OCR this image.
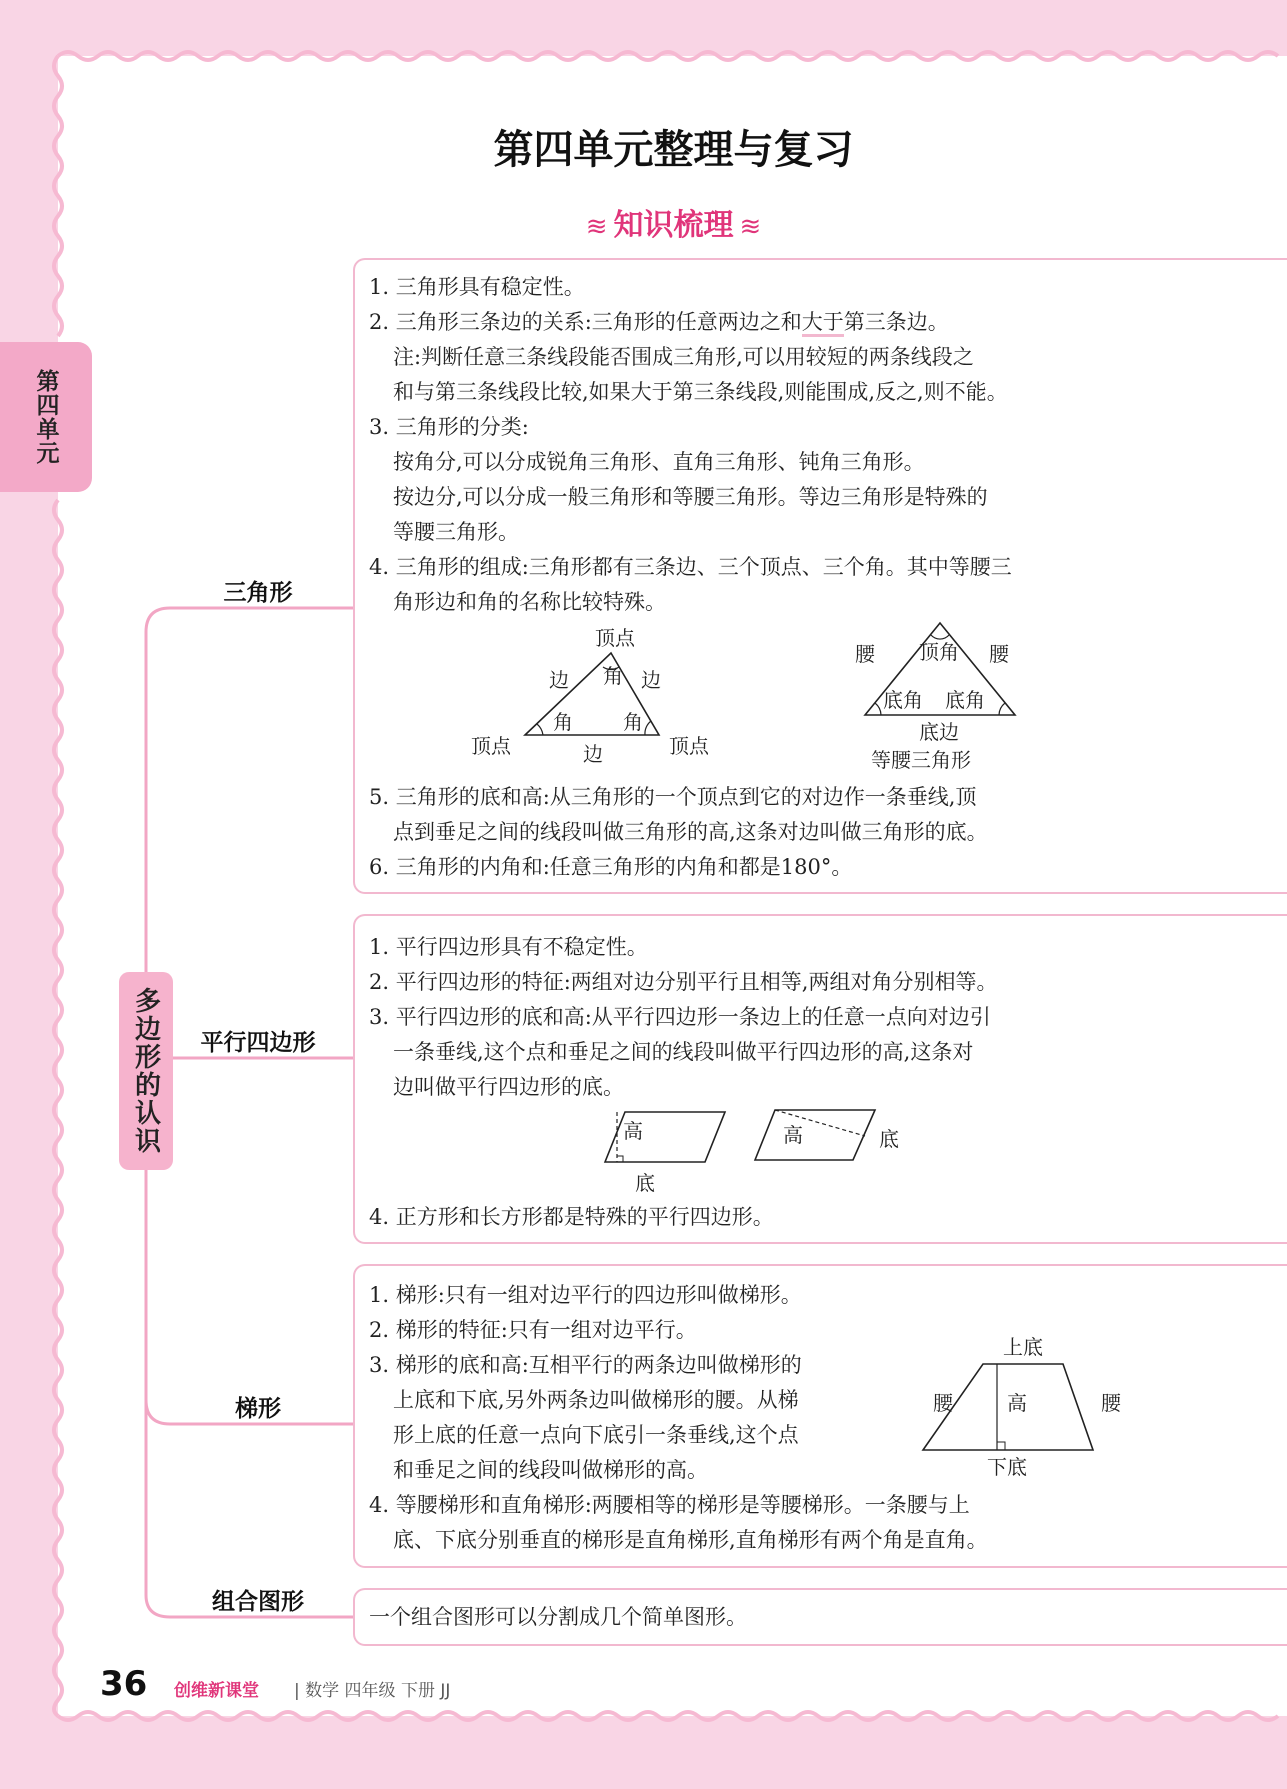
第四单元
第四单元整理与复习
≋ 知识梳理 ≋
多边形的认识
三角形
平行四边形
梯形
组合图形
1. 三角形具有稳定性。
2. 三角形三条边的关系:三角形的任意两边之和大于第三条边。
注:判断任意三条线段能否围成三角形,可以用较短的两条线段之
和与第三条线段比较,如果大于第三条线段,则能围成,反之,则不能。
3. 三角形的分类:
按角分,可以分成锐角三角形、直角三角形、钝角三角形。
按边分,可以分成一般三角形和等腰三角形。等边三角形是特殊的
等腰三角形。
4. 三角形的组成:三角形都有三条边、三个顶点、三个角。其中等腰三
角形边和角的名称比较特殊。
顶点
顶点	顶点
边	边
边
角
角	角
腰	腰
顶角
底角 底角
底边
等腰三角形
5. 三角形的底和高:从三角形的一个顶点到它的对边作一条垂线,顶
点到垂足之间的线段叫做三角形的高,这条对边叫做三角形的底。
6. 三角形的内角和:任意三角形的内角和都是180°。
1. 平行四边形具有不稳定性。
2. 平行四边形的特征:两组对边分别平行且相等,两组对角分别相等。
3. 平行四边形的底和高:从平行四边形一条边上的任意一点向对边引
一条垂线,这个点和垂足之间的线段叫做平行四边形的高,这条对
边叫做平行四边形的底。
高
底
高	底
4. 正方形和长方形都是特殊的平行四边形。
1. 梯形:只有一组对边平行的四边形叫做梯形。
2. 梯形的特征:只有一组对边平行。
3. 梯形的底和高:互相平行的两条边叫做梯形的
上底和下底,另外两条边叫做梯形的腰。从梯
形上底的任意一点向下底引一条垂线,这个点
和垂足之间的线段叫做梯形的高。
上底
腰	腰
高
下底
4. 等腰梯形和直角梯形:两腰相等的梯形是等腰梯形。一条腰与上
底、下底分别垂直的梯形是直角梯形,直角梯形有两个角是直角。
一个组合图形可以分割成几个简单图形。
36 创维新课堂 | 数学 四年级 下册 JJ
